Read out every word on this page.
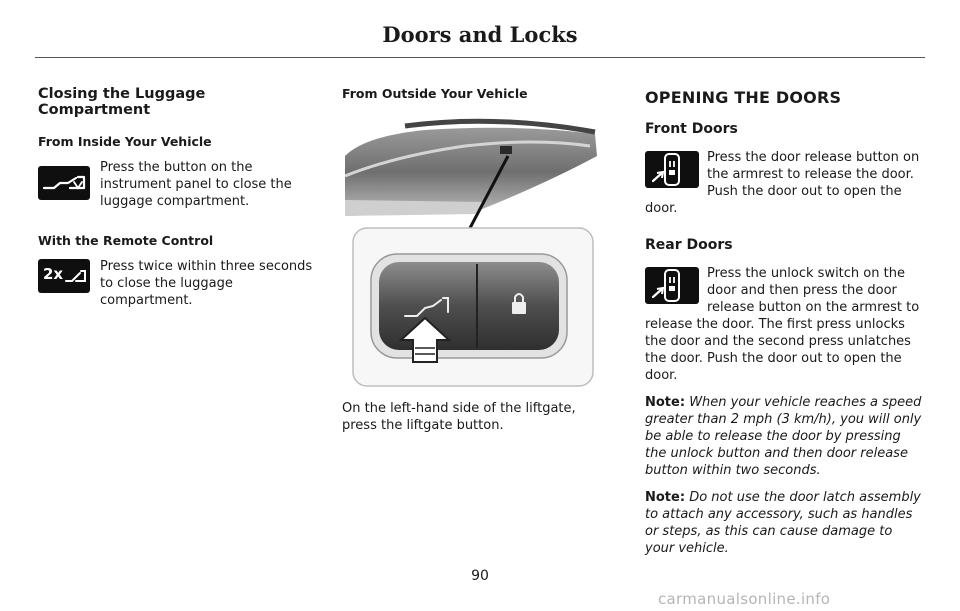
Doors and Locks
Closing the Luggage Compartment
From Inside Your Vehicle

Press the button on the instrument panel to close the luggage compartment.

With the Remote Control
2x	Press twice within three seconds to close the luggage compartment.

From Outside Your Vehicle
On the left-hand side of the liftgate, press the liftgate button.
OPENING THE DOORS
Front Doors

Press the door release button on the armrest to release the door. Push the door out to open the door.

Rear Doors

Press the unlock switch on the door and then press the door release button on the armrest to release the door. The first press unlocks the door and the second press unlatches the door. Push the door out to open the door.

Note: When your vehicle reaches a speed greater than 2 mph (3 km/h), you will only be able to release the door by pressing the unlock button and then door release button within two seconds.

Note: Do not use the door latch assembly to attach any accessory, such as handles or steps, as this can cause damage to your vehicle.

90
carmanualsonline.info
